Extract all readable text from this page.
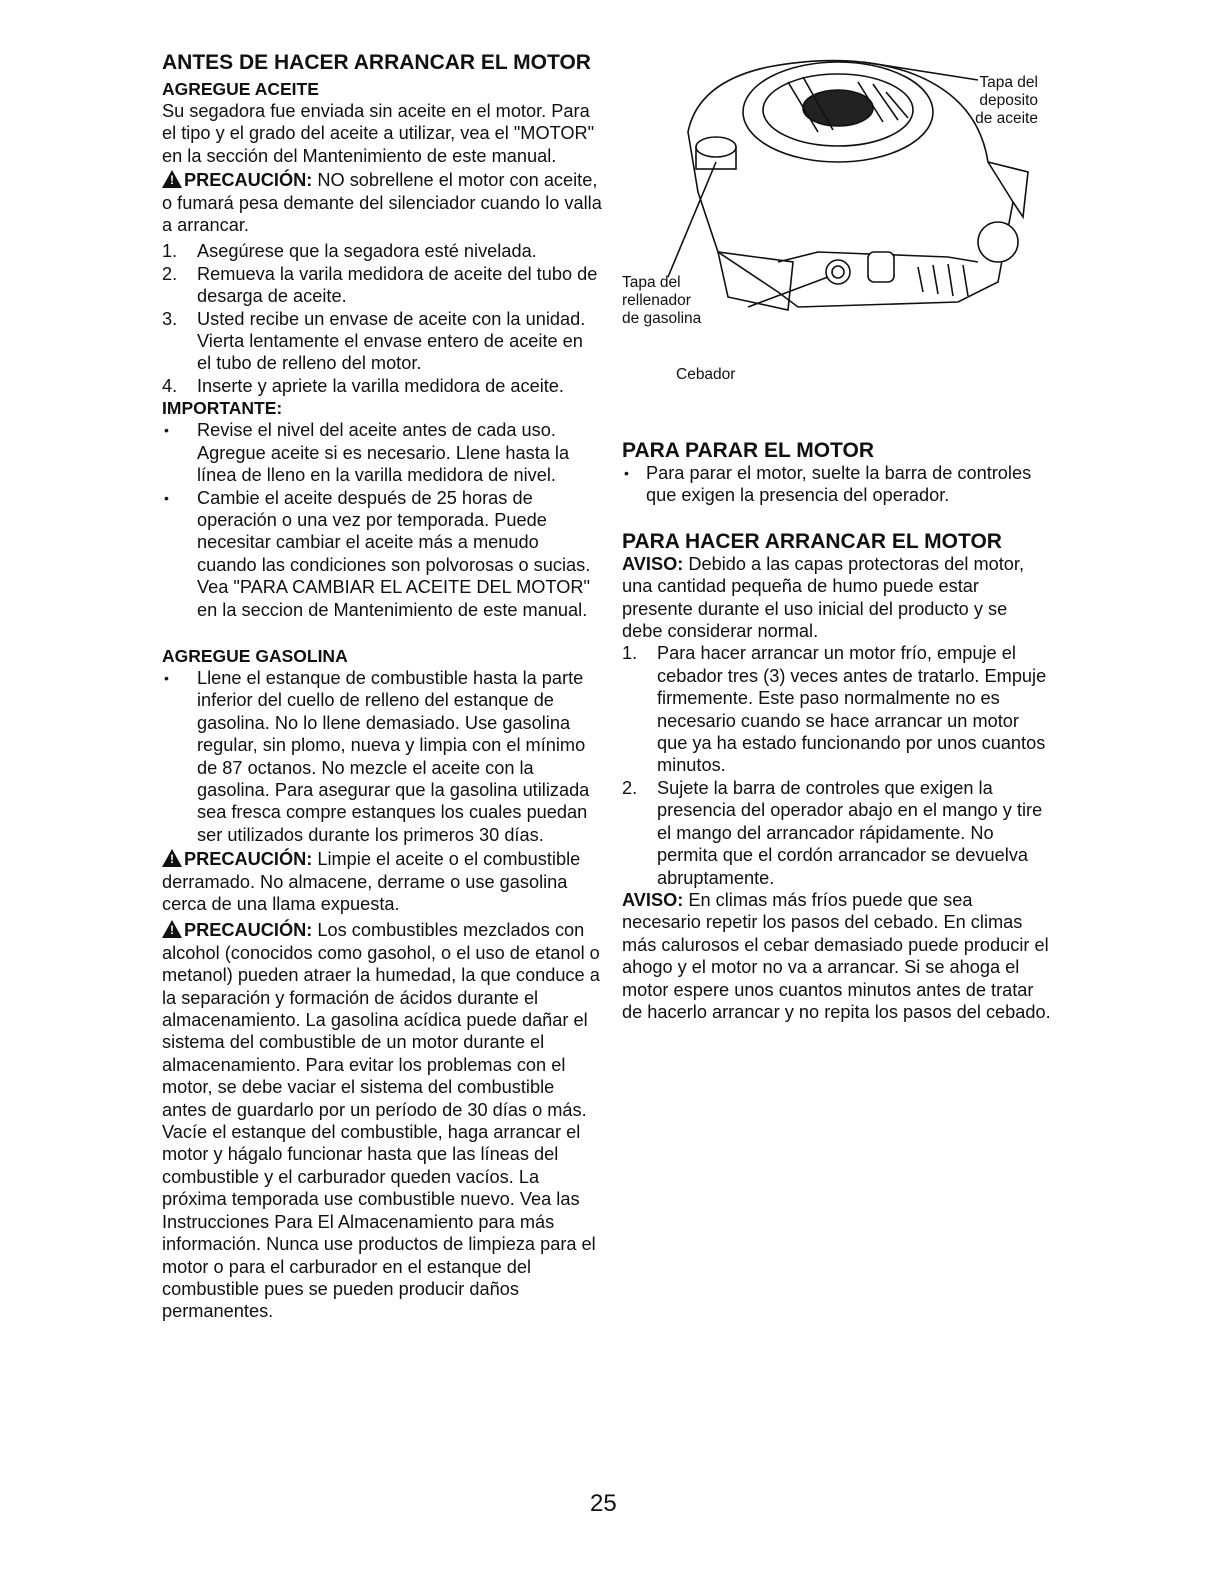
ANTES DE HACER ARRANCAR EL MOTOR
AGREGUE ACEITE

Su segadora fue enviada sin aceite en el motor. Para el tipo y el grado del aceite a utilizar, vea el "MOTOR" en la sección del Mantenimiento de este manual.

!PRECAUCIÓN: NO sobrellene el motor con aceite, o fumará pesa demante del silenciador cuando lo valla a arrancar.

1. Asegúrese que la segadora esté nivelada.
2. Remueva la varila medidora de aceite del tubo de desarga de aceite.
3. Usted recibe un envase de aceite con la unidad. Vierta lentamente el envase entero de aceite en el tubo de relleno del motor.
4. Inserte y apriete la varilla medidora de aceite.
IMPORTANTE:
• Revise el nivel del aceite antes de cada uso. Agregue aceite si es necesario. Llene hasta la línea de lleno en la varilla medidora de nivel.
• Cambie el aceite después de 25 horas de operación o una vez por temporada. Puede necesitar cambiar el aceite más a menudo cuando las condiciones son polvorosas o sucias. Vea "PARA CAMBIAR EL ACEITE DEL MOTOR" en la seccion de Mantenimiento de este manual.
AGREGUE GASOLINA
• Llene el estanque de combustible hasta la parte inferior del cuello de relleno del estanque de gasolina. No lo llene demasiado. Use gasolina regular, sin plomo, nueva y limpia con el mínimo de 87 octanos. No mezcle el aceite con la gasolina. Para asegurar que la gasolina utilizada sea fresca compre estanques los cuales puedan ser utilizados durante los primeros 30 días.

!PRECAUCIÓN: Limpie el aceite o el combustible derramado. No almacene, derrame o use gasolina cerca de una llama expuesta.

!PRECAUCIÓN: Los combustibles mezclados con alcohol (conocidos como gasohol, o el uso de etanol o metanol) pueden atraer la humedad, la que conduce a la separación y formación de ácidos durante el almacenamiento. La gasolina acídica puede dañar el sistema del combustible de un motor durante el almacenamiento. Para evitar los problemas con el motor, se debe vaciar el sistema del combustible antes de guardarlo por un período de 30 días o más. Vacíe el estanque del combustible, haga arrancar el motor y hágalo funcionar hasta que las líneas del combustible y el carburador queden vacíos. La próxima temporada use combustible nuevo. Vea las Instrucciones Para El Almacenamiento para más información. Nunca use productos de limpieza para el motor o para el carburador en el estanque del combustible pues se pueden producir daños permanentes.

Tapa del deposito de aceite
Tapa del rellenador de gasolina
Cebador
PARA PARAR EL MOTOR
• Para parar el motor, suelte la barra de controles que exigen la presencia del operador.
PARA HACER ARRANCAR EL MOTOR

AVISO: Debido a las capas protectoras del motor, una cantidad pequeña de humo puede estar presente durante el uso inicial del producto y se debe considerar normal.

1. Para hacer arrancar un motor frío, empuje el cebador tres (3) veces antes de tratarlo. Empuje firmemente. Este paso normalmente no es necesario cuando se hace arrancar un motor que ya ha estado funcionando por unos cuantos minutos.
2. Sujete la barra de controles que exigen la presencia del operador abajo en el mango y tire el mango del arrancador rápidamente. No permita que el cordón arrancador se devuelva abruptamente.

AVISO: En climas más fríos puede que sea necesario repetir los pasos del cebado. En climas más calurosos el cebar demasiado puede producir el ahogo y el motor no va a arrancar. Si se ahoga el motor espere unos cuantos minutos antes de tratar de hacerlo arrancar y no repita los pasos del cebado.

25
